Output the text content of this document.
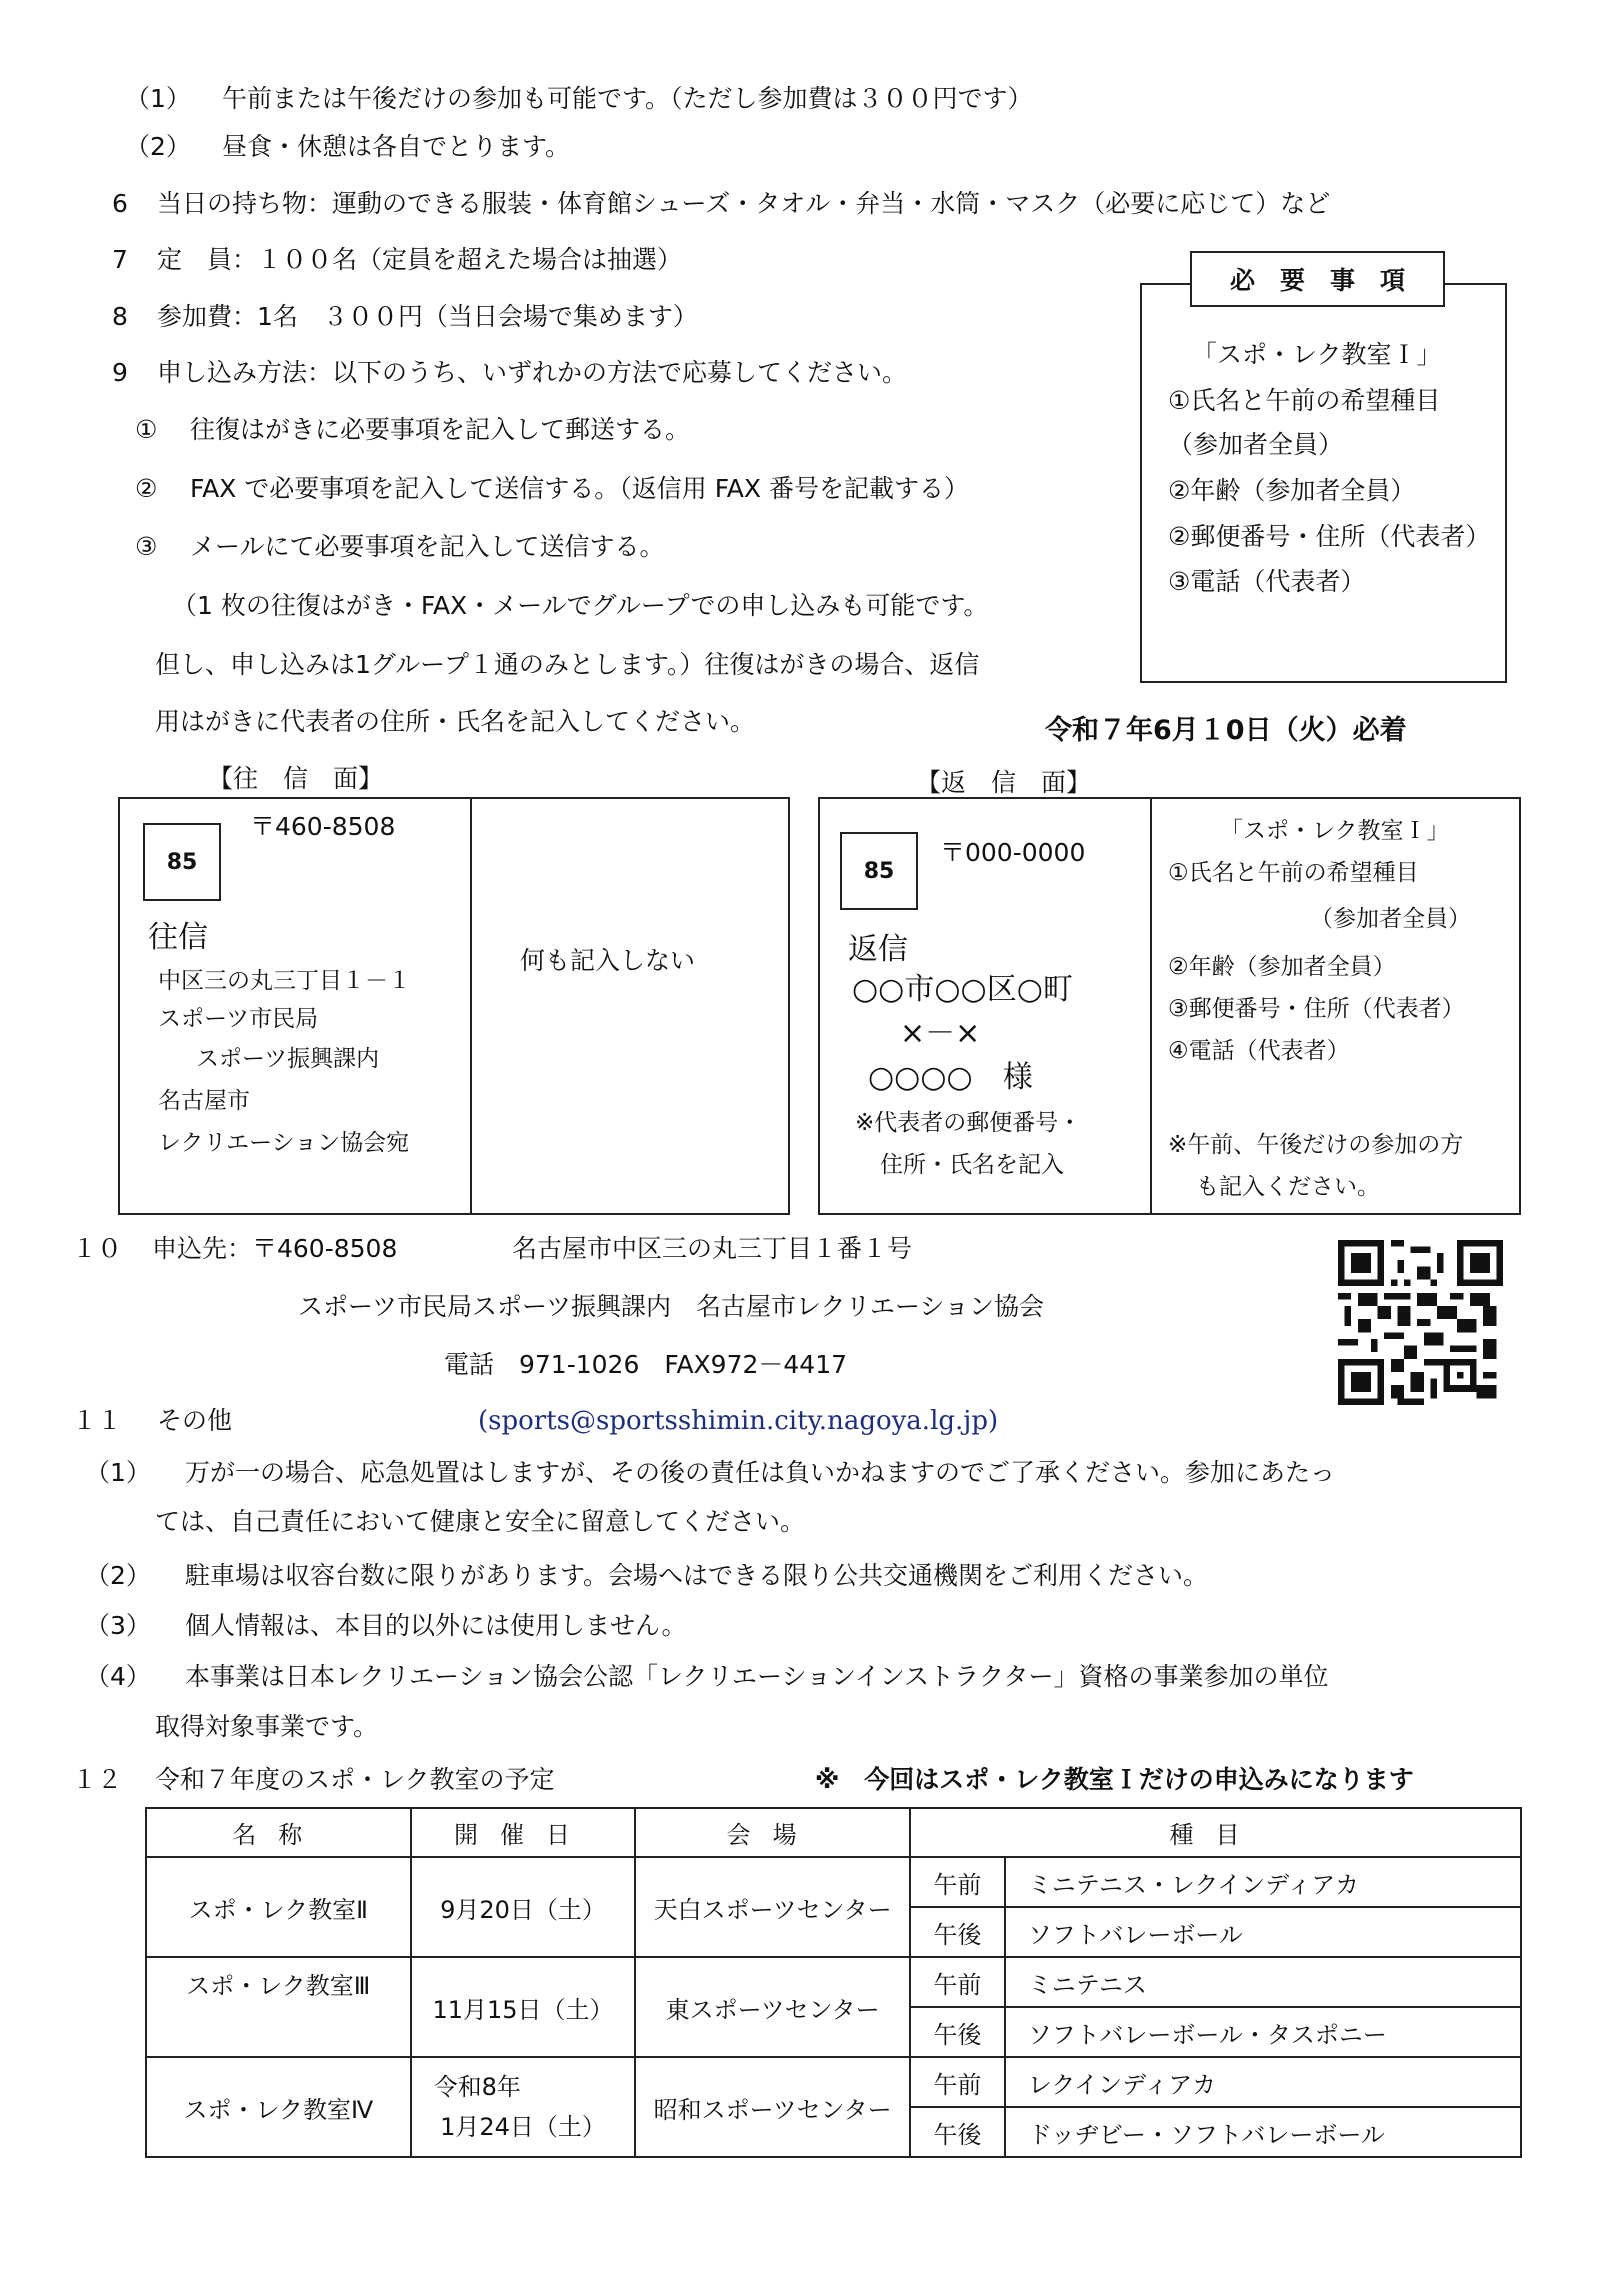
（1） 午前または午後だけの参加も可能です。（ただし参加費は３００円です）
（2） 昼食・休憩は各自でとります。
6 当日の持ち物：運動のできる服装・体育館シューズ・タオル・弁当・水筒・マスク（必要に応じて）など
7 定　員：１００名（定員を超えた場合は抽選）
8 参加費：1名　３００円（当日会場で集めます）
9 申し込み方法：以下のうち、いずれかの方法で応募してください。
① 往復はがきに必要事項を記入して郵送する。
② FAX で必要事項を記入して送信する。（返信用 FAX 番号を記載する）
③ メールにて必要事項を記入して送信する。
（1 枚の往復はがき・FAX・メールでグループでの申し込みも可能です。
但し、申し込みは1グループ１通のみとします。）往復はがきの場合、返信
用はがきに代表者の住所・氏名を記入してください。
必　要　事　項
「スポ・レク教室Ｉ」
①氏名と午前の希望種目
（参加者全員）
②年齢（参加者全員）
②郵便番号・住所（代表者）
③電話（代表者）
令和７年6月１0日（火）必着
【往　信　面】	【返　信　面】
85
〒460-8508
往信
中区三の丸三丁目１－１
スポーツ市民局
スポーツ振興課内
名古屋市
レクリエーション協会宛
何も記入しない
85
〒000-0000
返信
○○市○○区○町
×－×
○○○○　様
※代表者の郵便番号・
住所・氏名を記入
「スポ・レク教室Ｉ」
①氏名と午前の希望種目
（参加者全員）
②年齢（参加者全員）
③郵便番号・住所（代表者）
④電話（代表者）
※午前、午後だけの参加の方
も記入ください。
１０ 申込先：〒460-8508	名古屋市中区三の丸三丁目１番１号
スポーツ市民局スポーツ振興課内　名古屋市レクリエーション協会
電話　971-1026　FAX972－4417
(sports@sportsshimin.city.nagoya.lg.jp)
１１ その他
（1） 万が一の場合、応急処置はしますが、その後の責任は負いかねますのでご了承ください。参加にあたっ
ては、自己責任において健康と安全に留意してください。
（2） 駐車場は収容台数に限りがあります。会場へはできる限り公共交通機関をご利用ください。
（3） 個人情報は、本目的以外には使用しません。
（4） 本事業は日本レクリエーション協会公認「レクリエーションインストラクター」資格の事業参加の単位
取得対象事業です。
１２ 令和７年度のスポ・レク教室の予定	※　今回はスポ・レク教室Ｉだけの申込みになります
名称	開催日	会場	種目	
スポ・レク教室Ⅱ	9月20日（土）	天白スポーツセンター	午前	ミニテニス・レクインディアカ
			午後	ソフトバレーボール
スポ・レク教室Ⅲ	11月15日（土）	東スポーツセンター	午前	ミニテニス
			午後	ソフトバレーボール・タスポニー
スポ・レク教室Ⅳ	令和8年
1月24日（土）	昭和スポーツセンター	午前	レクインディアカ
			午後	ドッヂビー・ソフトバレーボール
